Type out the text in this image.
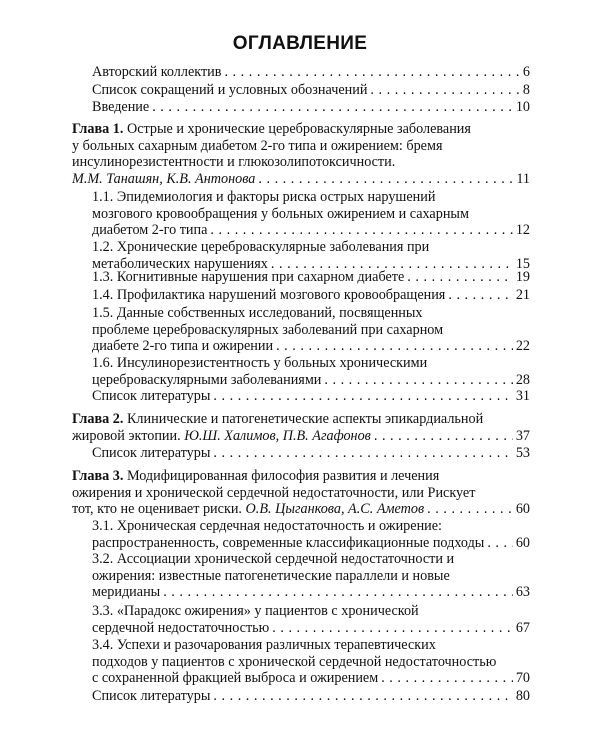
ОГЛАВЛЕНИЕ
Авторский коллектив . . .	6
Список сокращений и условных обозначений . . .	8
Введение . . .	10
Глава 1. Острые и хронические цереброваскулярные заболевания
у больных сахарным диабетом 2-го типа и ожирением: бремя
инсулинорезистентности и глюкозолипотоксичности.
М.М. Танашян, К.В. Антонова . . .	11
1.1. Эпидемиология и факторы риска острых нарушений
мозгового кровообращения у больных ожирением и сахарным
диабетом 2-го типа . . .	12
1.2. Хронические цереброваскулярные заболевания при
метаболических нарушениях . . .	15
1.3. Когнитивные нарушения при сахарном диабете . . .	19
1.4. Профилактика нарушений мозгового кровообращения . . .	21
1.5. Данные собственных исследований, посвященных
проблеме цереброваскулярных заболеваний при сахарном
диабете 2-го типа и ожирении . . .	22
1.6. Инсулинорезистентность у больных хроническими
цереброваскулярными заболеваниями . . .	28
Список литературы . . .	31
Глава 2. Клинические и патогенетические аспекты эпикардиальной
жировой эктопии. Ю.Ш. Халимов, П.В. Агафонов . . .	37
Список литературы . . .	53
Глава 3. Модифицированная философия развития и лечения
ожирения и хронической сердечной недостаточности, или Рискует
тот, кто не оценивает риски. О.В. Цыганкова, А.С. Аметов . . .	60
3.1. Хроническая сердечная недостаточность и ожирение:
распространенность, современные классификационные подходы . . . 60
3.2. Ассоциации хронической сердечной недостаточности и
ожирения: известные патогенетические параллели и новые
меридианы . . .	63
3.3. «Парадокс ожирения» у пациентов с хронической
сердечной недостаточностью . . .	67
3.4. Успехи и разочарования различных терапевтических
подходов у пациентов с хронической сердечной недостаточностью
с сохраненной фракцией выброса и ожирением . . .	70
Список литературы . . .	80
